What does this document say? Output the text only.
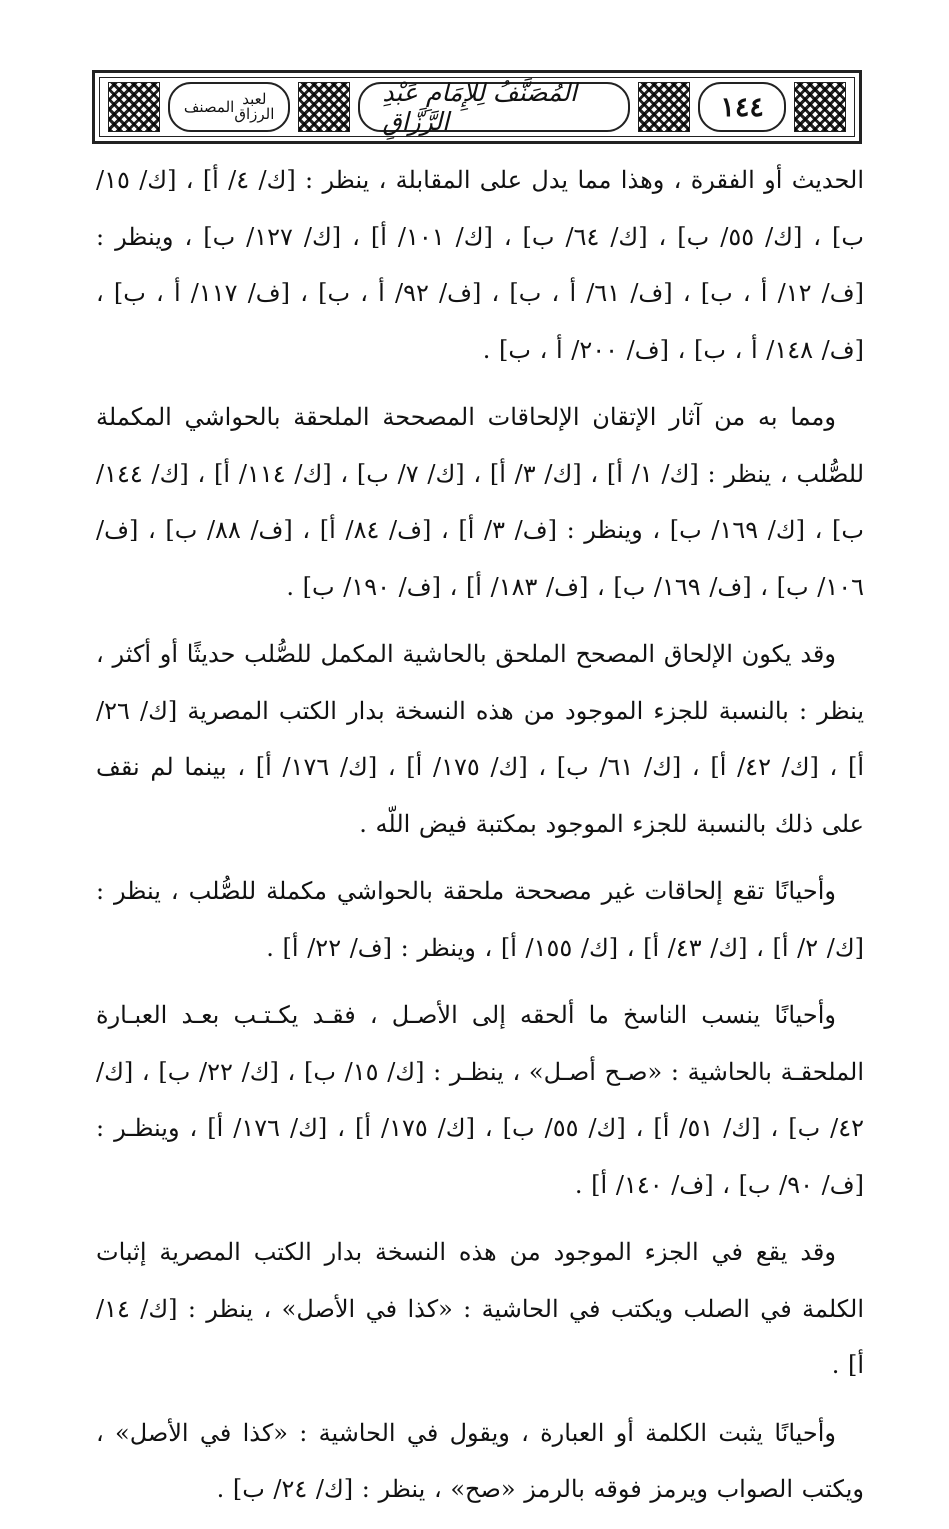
المصنف لعبد الرزاق
المُصَنَّفُ لِلإِمَامِ عَبْدِ الرَّزَّاقِ	١٤٤

الحديث أو الفقرة ، وهذا مما يدل على المقابلة ، ينظر : [ك/ ٤/ أ] ، [ك/ ١٥/ ب] ، [ك/ ٥٥/ ب] ، [ك/ ٦٤/ ب] ، [ك/ ١٠١/ أ] ، [ك/ ١٢٧/ ب] ، وينظر : [ف/ ١٢/ أ ، ب] ، [ف/ ٦١/ أ ، ب] ، [ف/ ٩٢/ أ ، ب] ، [ف/ ١١٧/ أ ، ب] ، [ف/ ١٤٨/ أ ، ب] ، [ف/ ٢٠٠/ أ ، ب] .

ومما به من آثار الإتقان الإلحاقات المصححة الملحقة بالحواشي المكملة للصُّلب ، ينظر : [ك/ ١/ أ] ، [ك/ ٣/ أ] ، [ك/ ٧/ ب] ، [ك/ ١١٤/ أ] ، [ك/ ١٤٤/ ب] ، [ك/ ١٦٩/ ب] ، وينظر : [ف/ ٣/ أ] ، [ف/ ٨٤/ أ] ، [ف/ ٨٨/ ب] ، [ف/ ١٠٦/ ب] ، [ف/ ١٦٩/ ب] ، [ف/ ١٨٣/ أ] ، [ف/ ١٩٠/ ب] .

وقد يكون الإلحاق المصحح الملحق بالحاشية المكمل للصُّلب حديثًا أو أكثر ، ينظر : بالنسبة للجزء الموجود من هذه النسخة بدار الكتب المصرية [ك/ ٢٦/ أ] ، [ك/ ٤٢/ أ] ، [ك/ ٦١/ ب] ، [ك/ ١٧٥/ أ] ، [ك/ ١٧٦/ أ] ، بينما لم نقف على ذلك بالنسبة للجزء الموجود بمكتبة فيض اللّه .

وأحيانًا تقع إلحاقات غير مصححة ملحقة بالحواشي مكملة للصُّلب ، ينظر : [ك/ ٢/ أ] ، [ك/ ٤٣/ أ] ، [ك/ ١٥٥/ أ] ، وينظر : [ف/ ٢٢/ أ] .

وأحيانًا ينسب الناسخ ما ألحقه إلى الأصـل ، فقـد يكـتـب بعـد العبـارة الملحقـة بالحاشية : «صـح أصـل» ، ينظـر : [ك/ ١٥/ ب] ، [ك/ ٢٢/ ب] ، [ك/ ٤٢/ ب] ، [ك/ ٥١/ أ] ، [ك/ ٥٥/ ب] ، [ك/ ١٧٥/ أ] ، [ك/ ١٧٦/ أ] ، وينظـر : [ف/ ٩٠/ ب] ، [ف/ ١٤٠/ أ] .

وقد يقع في الجزء الموجود من هذه النسخة بدار الكتب المصرية إثبات الكلمة في الصلب ويكتب في الحاشية : «كذا في الأصل» ، ينظر : [ك/ ١٤/ أ] .

وأحيانًا يثبت الكلمة أو العبارة ، ويقول في الحاشية : «كذا في الأصل» ، ويكتب الصواب ويرمز فوقه بالرمز «صح» ، ينظر : [ك/ ٢٤/ ب] .
